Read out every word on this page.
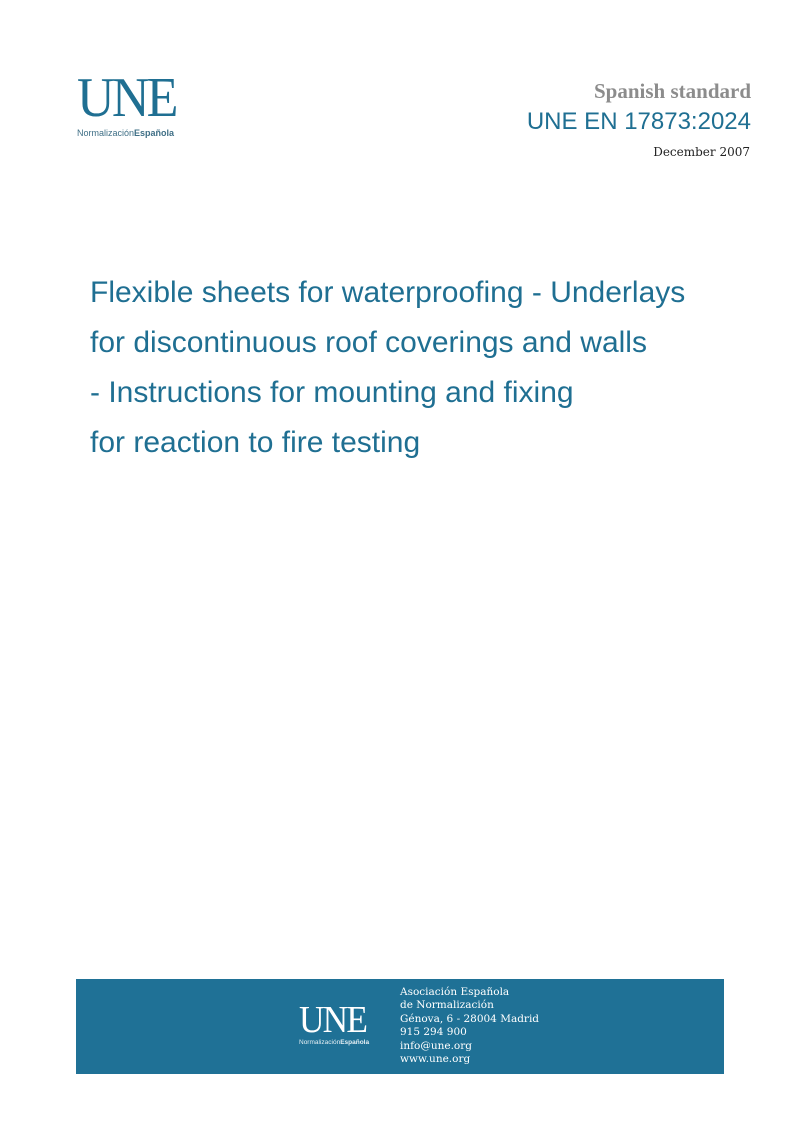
UNE
NormalizaciónEspañola
Spanish standard
UNE EN 17873:2024
December 2007
Flexible sheets for waterproofing - Underlays
for discontinuous roof coverings and walls
- Instructions for mounting and fixing
for reaction to fire testing
UNE
NormalizaciónEspañola
Asociación Española
de Normalización
Génova, 6 - 28004 Madrid
915 294 900
info@une.org
www.une.org
